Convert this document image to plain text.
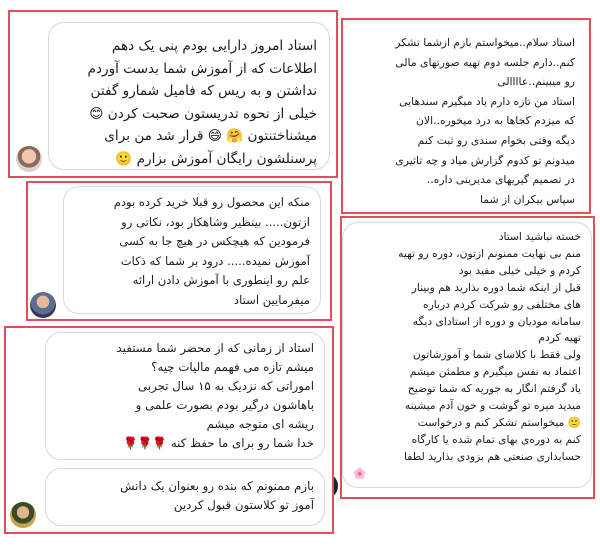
استاد امروز دارایی بودم پنی یک دهم
اطلاعات که از آموزش شما بدست آوردم
نداشتن و به ریس که فامیل شمارو گفتن
خیلی از نحوه تدریستون صحبت کردن 😊
میشناختنتون 🤗 😄 قرار شد من برای
پرسنلشون رایگان آموزش بزارم 🙂
استاد سلام..میخواستم بازم ازشما تشکر
کنم..دارم جلسه دوم تهیه صورتهای مالی
رو میبینم..عاااالی
استاد من تازه دارم یاد میگیرم سندهایی
که میزدم کجاها به درد میخوره..الان
دیگه وقتی بخوام سندی رو ثبت کنم
میدونم تو کدوم گزارش میاد و چه تاثیری
در تصمیم گیریهای مدیریتی داره..
سپاس بیکران از شما
منکه این محصول رو قبلا خرید کرده بودم
ازتون..... بینظیر وشاهکار بود، نکاتی رو
فرمودین که هیچکس در هیچ جا به کسی
آموزش نمیده..... درود بر شما که ذکات
علم رو اینطوری با آموزش دادن ارائه
میفرمایین استاد
خسته نباشید استاد
منم بی نهایت ممنونم ازتون، دوره رو تهیه
کردم و خیلی خیلی مفید بود
قبل از اینکه شما دوره بذارید هم وبینار
های مختلفی رو شرکت کردم درباره
سامانه مودیان و دوره از استادای دیگه
تهیه کردم
ولی فقط با کلاسای شما و آموزشاتون
اعتماد به نفس میگیرم و مطمئن میشم
یاد گرفتم انگار به جوریه که شما توضیح
میدید میره تو گوشت و خون آدم میشینه
🙂 میخواستم تشکر کنم و درخواست
کنم به دوره‌ی بهای تمام شده یا کارگاه
حسابداری صنعتی هم بزودی بذارید لطفا
🌸
استاد از زمانی که از محضر شما مستفید
میشم تازه می فهمم مالیات چیه؟
اموراتی که نزدیک به ۱۵ سال تجربی
باهاشون درگیر بودم بصورت علمی و
ریشه ای متوجه میشم
خدا شما رو برای ما حفظ کنه 🌹🌹🌹
بازم ممنونم که بنده رو بعنوان یک دانش
آموز تو کلاستون قبول کردین
